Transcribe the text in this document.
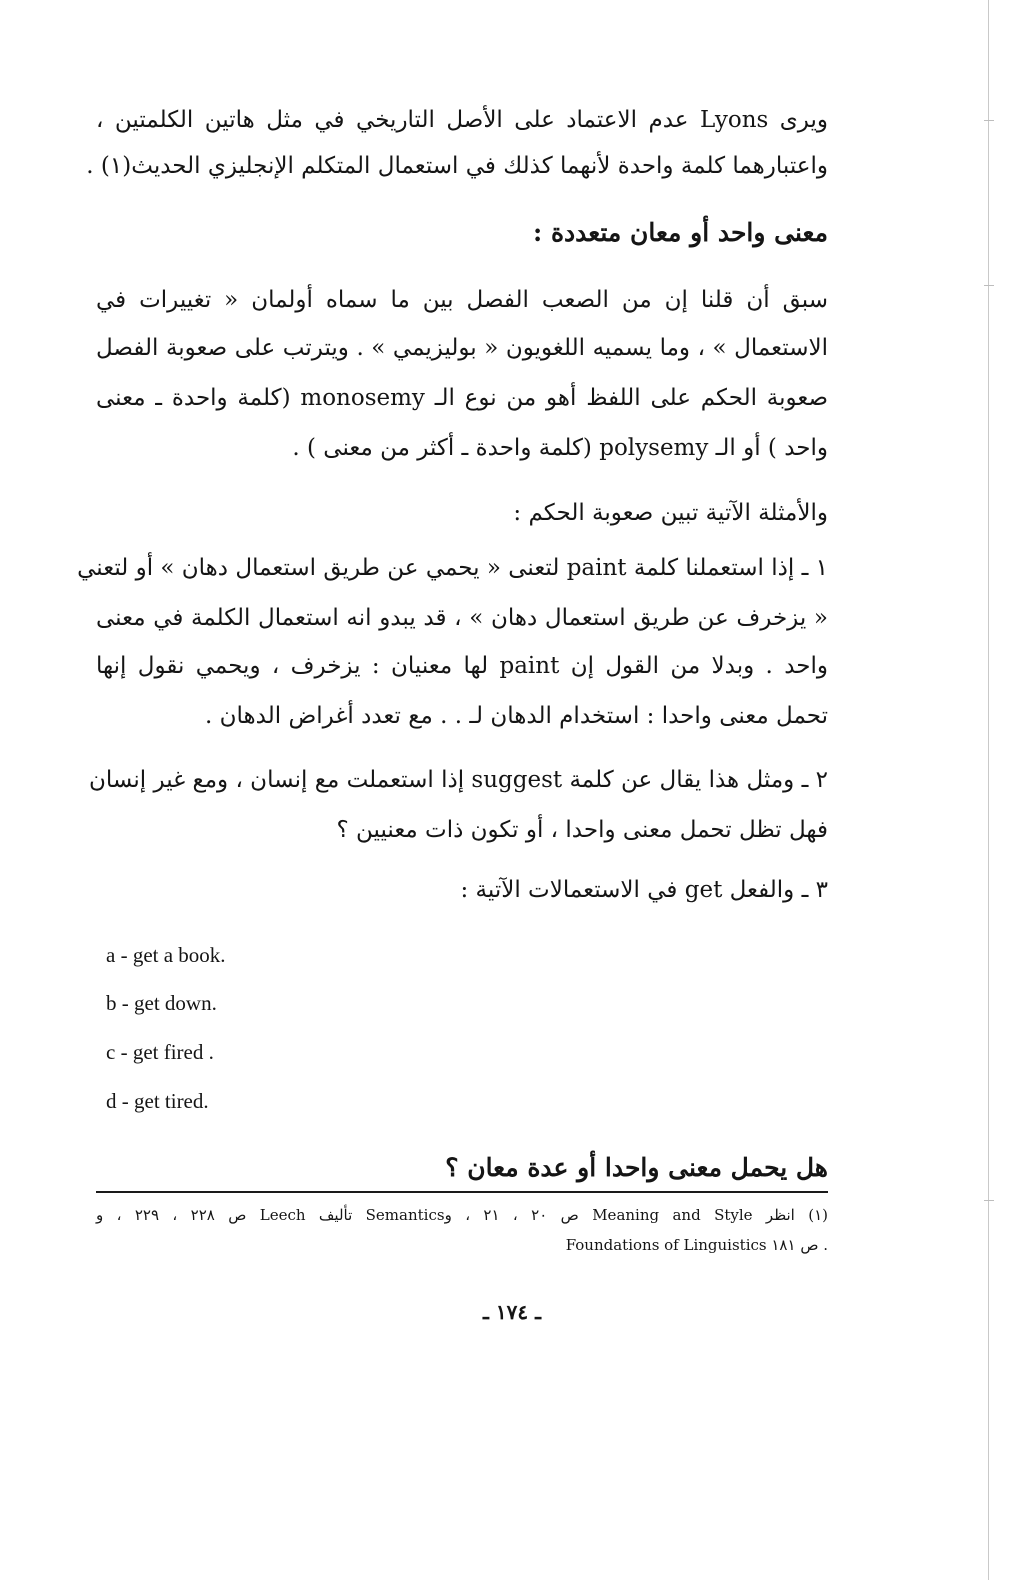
ويرى Lyons عدم الاعتماد على الأصل التاريخي في مثل هاتين الكلمتين ،
واعتبارهما كلمة واحدة لأنهما كذلك في استعمال المتكلم الإنجليزي الحديث(١) .
معنى واحد أو معان متعددة :
سبق أن قلنا إن من الصعب الفصل بين ما سماه أولمان « تغييرات في
الاستعمال » ، وما يسميه اللغويون « بوليزيمي » . ويترتب على صعوبة الفصل
صعوبة الحكم على اللفظ أهو من نوع الـ monosemy (كلمة واحدة ـ معنى
واحد ) أو الـ polysemy (كلمة واحدة ـ أكثر من معنى ) .
والأمثلة الآتية تبين صعوبة الحكم :
١ ـ إذا استعملنا كلمة paint لتعنى « يحمي عن طريق استعمال دهان » أو لتعني
« يزخرف عن طريق استعمال دهان » ، قد يبدو انه استعمال الكلمة في معنى
واحد . وبدلا من القول إن paint لها معنيان : يزخرف ، ويحمي نقول إنها
تحمل معنى واحدا : استخدام الدهان لـ . . مع تعدد أغراض الدهان .
٢ ـ ومثل هذا يقال عن كلمة suggest إذا استعملت مع إنسان ، ومع غير إنسان
فهل تظل تحمل معنى واحدا ، أو تكون ذات معنيين ؟
٣ ـ والفعل get في الاستعمالات الآتية :
a - get a book.
b - get down.
c - get fired .
d - get tired.
هل يحمل معنى واحدا أو عدة معان ؟
(١) انظر Meaning and Style ص ٢٠ ، ٢١ ، وSemantics تأليف Leech ص ٢٢٨ ، ٢٢٩ ، و
Foundations of Linguistics ص ١٨١ .
ـ ١٧٤ ـ
